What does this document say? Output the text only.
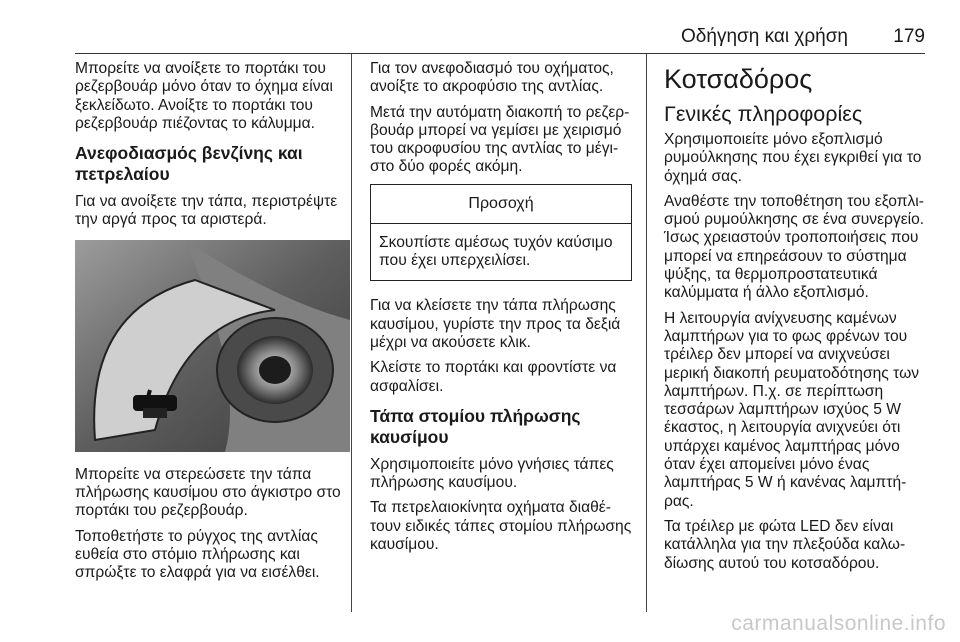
Οδήγηση και χρήση 179

Μπορείτε να ανοίξετε το πορτάκι του ρεζερβουάρ μόνο όταν το όχημα είναι ξεκλείδωτο. Ανοίξτε το πορτάκι του ρεζερβουάρ πιέζοντας το κάλυμμα.

Ανεφοδιασμός βενζίνης και πετρελαίου

Για να ανοίξετε την τάπα, περιστρέψτε την αργά προς τα αριστερά.

Μπορείτε να στερεώσετε την τάπα πλήρωσης καυσίμου στο άγκιστρο στο πορτάκι του ρεζερβουάρ.

Τοποθετήστε το ρύγχος της αντλίας ευθεία στο στόμιο πλήρωσης και σπρώξτε το ελαφρά για να εισέλθει.

Για τον ανεφοδιασμό του οχήματος, ανοίξτε το ακροφύσιο της αντλίας.

Μετά την αυτόματη διακοπή το ρεζερ-βουάρ μπορεί να γεμίσει με χειρισμό του ακροφυσίου της αντλίας το μέγι-στο δύο φορές ακόμη.

Προσοχή
Σκουπίστε αμέσως τυχόν καύσιμο που έχει υπερχειλίσει.

Για να κλείσετε την τάπα πλήρωσης καυσίμου, γυρίστε την προς τα δεξιά μέχρι να ακούσετε κλικ.

Κλείστε το πορτάκι και φροντίστε να ασφαλίσει.

Τάπα στομίου πλήρωσης καυσίμου

Χρησιμοποιείτε μόνο γνήσιες τάπες πλήρωσης καυσίμου.

Τα πετρελαιοκίνητα οχήματα διαθέ-τουν ειδικές τάπες στομίου πλήρωσης καυσίμου.

Κοτσαδόρος
Γενικές πληροφορίες

Χρησιμοποιείτε μόνο εξοπλισμό ρυμούλκησης που έχει εγκριθεί για το όχημά σας.

Αναθέστε την τοποθέτηση του εξοπλι-σμού ρυμούλκησης σε ένα συνεργείο. Ίσως χρειαστούν τροποποιήσεις που μπορεί να επηρεάσουν το σύστημα ψύξης, τα θερμοπροστατευτικά καλύμματα ή άλλο εξοπλισμό.

Η λειτουργία ανίχνευσης καμένων λαμπτήρων για το φως φρένων του τρέιλερ δεν μπορεί να ανιχνεύσει μερική διακοπή ρευματοδότησης των λαμπτήρων. Π.χ. σε περίπτωση τεσσάρων λαμπτήρων ισχύος 5 W έκαστος, η λειτουργία ανιχνεύει ότι υπάρχει καμένος λαμπτήρας μόνο όταν έχει απομείνει μόνο ένας λαμπτήρας 5 W ή κανένας λαμπτή-ρας.

Τα τρέιλερ με φώτα LED δεν είναι κατάλληλα για την πλεξούδα καλω-δίωσης αυτού του κοτσαδόρου.

carmanualsonline.info
